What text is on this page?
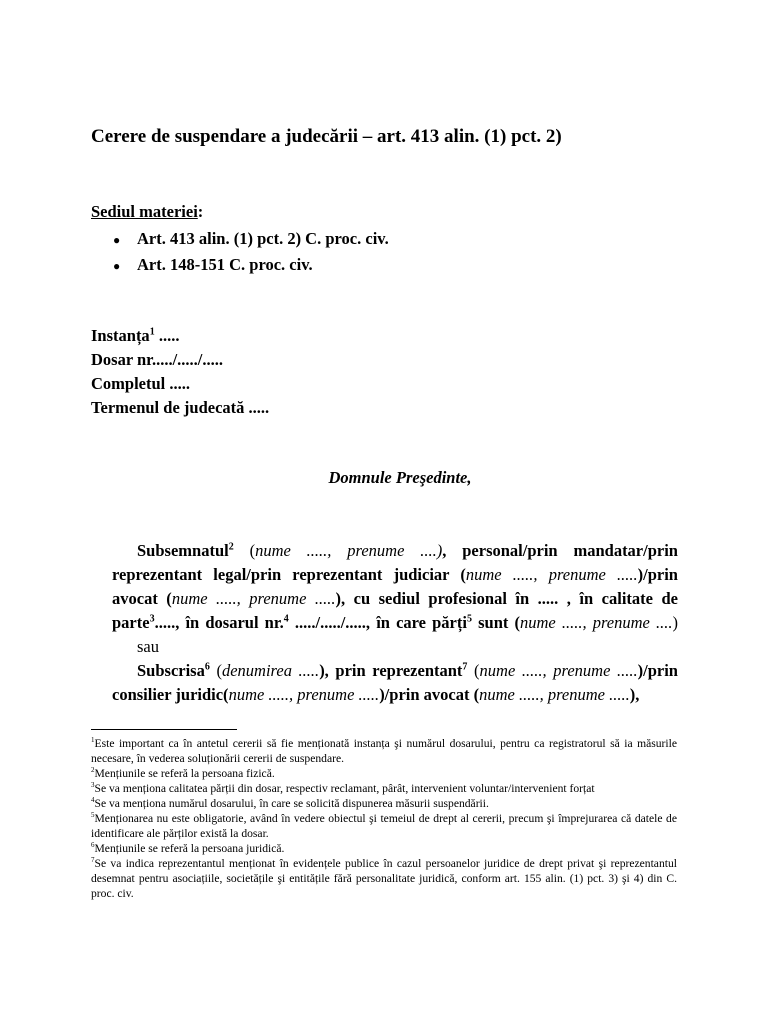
Cerere de suspendare a judecării – art. 413 alin. (1) pct. 2)
Sediul materiei:
●	Art. 413 alin. (1) pct. 2) C. proc. civ.
●	Art. 148-151 C. proc. civ.
Instanța$^1$ .....
Dosar nr...../...../.....
Completul .....
Termenul de judecată .....
Domnule Preşedinte,

Subsemnatul$^2$ (nume ....., prenume ....), personal/prin mandatar/prin reprezentant legal/prin reprezentant judiciar (nume ....., prenume .....)/prin avocat (nume ....., prenume .....), cu sediul profesional în ..... , în calitate de parte$^3$....., în dosarul nr.$^4$ ...../...../....., în care părți$^5$ sunt (nume ....., prenume ....)

sau

Subscrisa$^6$ (denumirea .....), prin reprezentant$^7$ (nume ....., prenume .....)/prin consilier juridic(nume ....., prenume .....)/prin avocat (nume ....., prenume .....),

$^1$Este important ca în antetul cererii să fie menționată instanța şi numărul dosarului, pentru ca registratorul să ia măsurile necesare, în vederea soluționării cererii de suspendare.

$^2$Mențiunile se referă la persoana fizică.

$^3$Se va menționa calitatea părții din dosar, respectiv reclamant, pârât, intervenient voluntar/intervenient forțat

$^4$Se va menționa numărul dosarului, în care se solicită dispunerea măsurii suspendării.

$^5$Menționarea nu este obligatorie, având în vedere obiectul şi temeiul de drept al cererii, precum şi împrejurarea că datele de identificare ale părților există la dosar.

$^6$Mențiunile se referă la persoana juridică.

$^7$Se va indica reprezentantul menționat în evidențele publice în cazul persoanelor juridice de drept privat şi reprezentantul desemnat pentru asociațiile, societățile şi entitățile fără personalitate juridică, conform art. 155 alin. (1) pct. 3) şi 4) din C. proc. civ.
